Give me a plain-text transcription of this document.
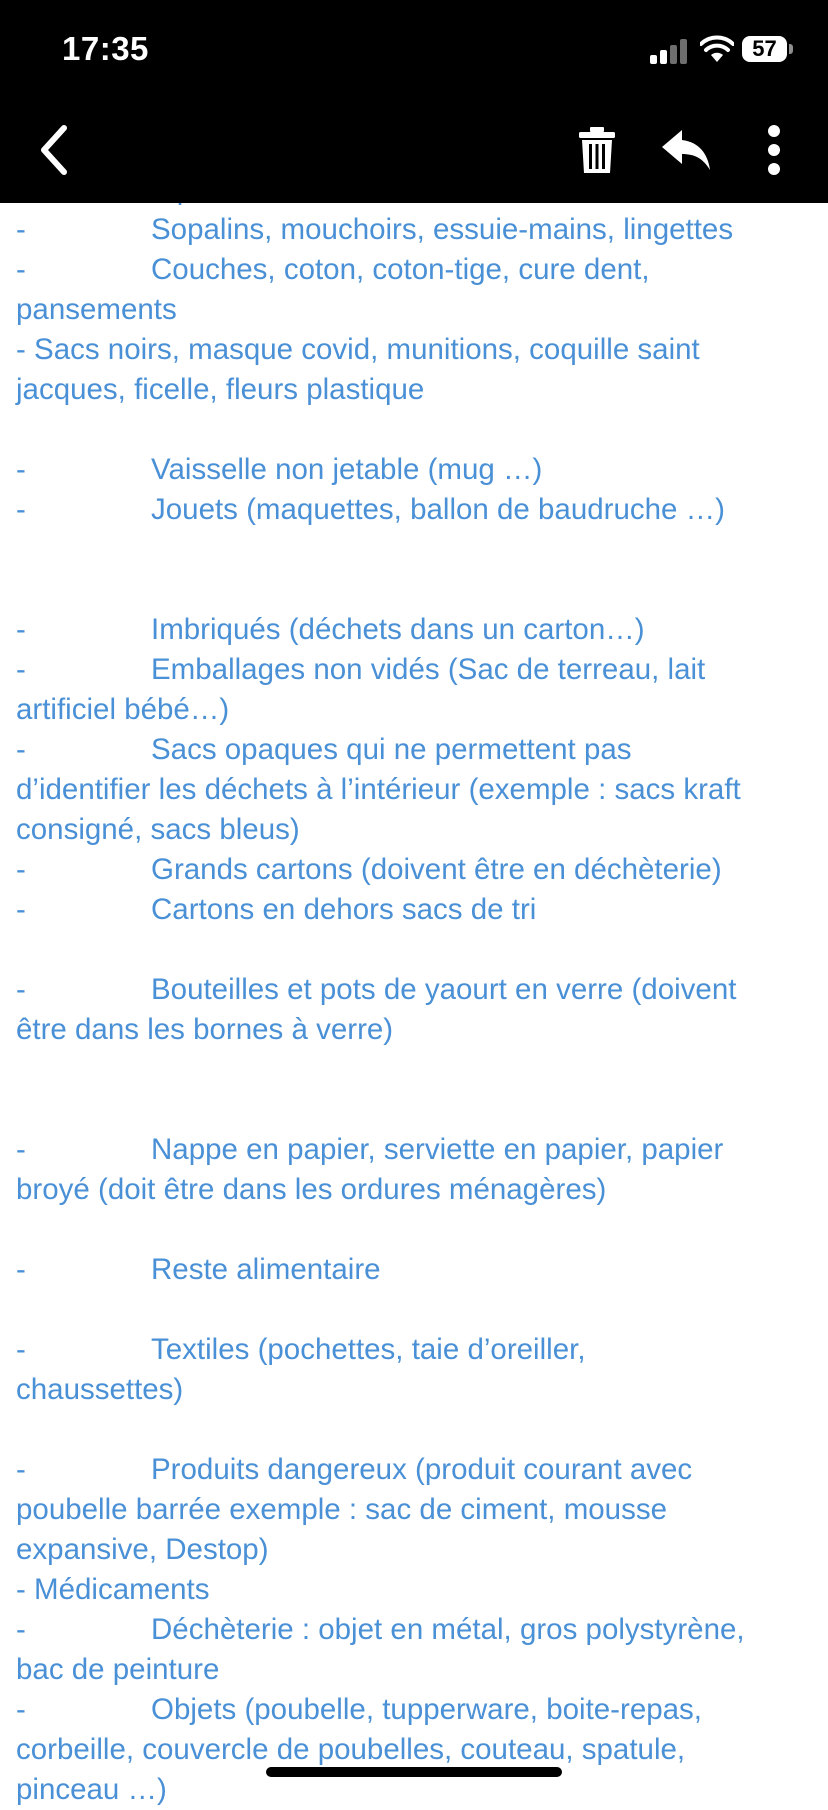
17:35	57
-	Sopalins, mouchoirs, essuie-mains, lingettes
-	Couches, coton, coton-tige, cure dent,
pansements
- Sacs noirs, masque covid, munitions, coquille saint
jacques, ficelle, fleurs plastique
-	Vaisselle non jetable (mug …)
-	Jouets (maquettes, ballon de baudruche …)
-	Imbriqués (déchets dans un carton…)
-	Emballages non vidés (Sac de terreau, lait
artificiel bébé…)
-	Sacs opaques qui ne permettent pas
d’identifier les déchets à l’intérieur (exemple : sacs kraft
consigné, sacs bleus)
-	Grands cartons (doivent être en déchèterie)
-	Cartons en dehors sacs de tri
-	Bouteilles et pots de yaourt en verre (doivent
être dans les bornes à verre)
-	Nappe en papier, serviette en papier, papier
broyé (doit être dans les ordures ménagères)
-	Reste alimentaire
-	Textiles (pochettes, taie d’oreiller,
chaussettes)
-	Produits dangereux (produit courant avec
poubelle barrée exemple : sac de ciment, mousse
expansive, Destop)
- Médicaments
-	Déchèterie : objet en métal, gros polystyrène,
bac de peinture
-	Objets (poubelle, tupperware, boite-repas,
corbeille, couvercle de poubelles, couteau, spatule,
pinceau …)
